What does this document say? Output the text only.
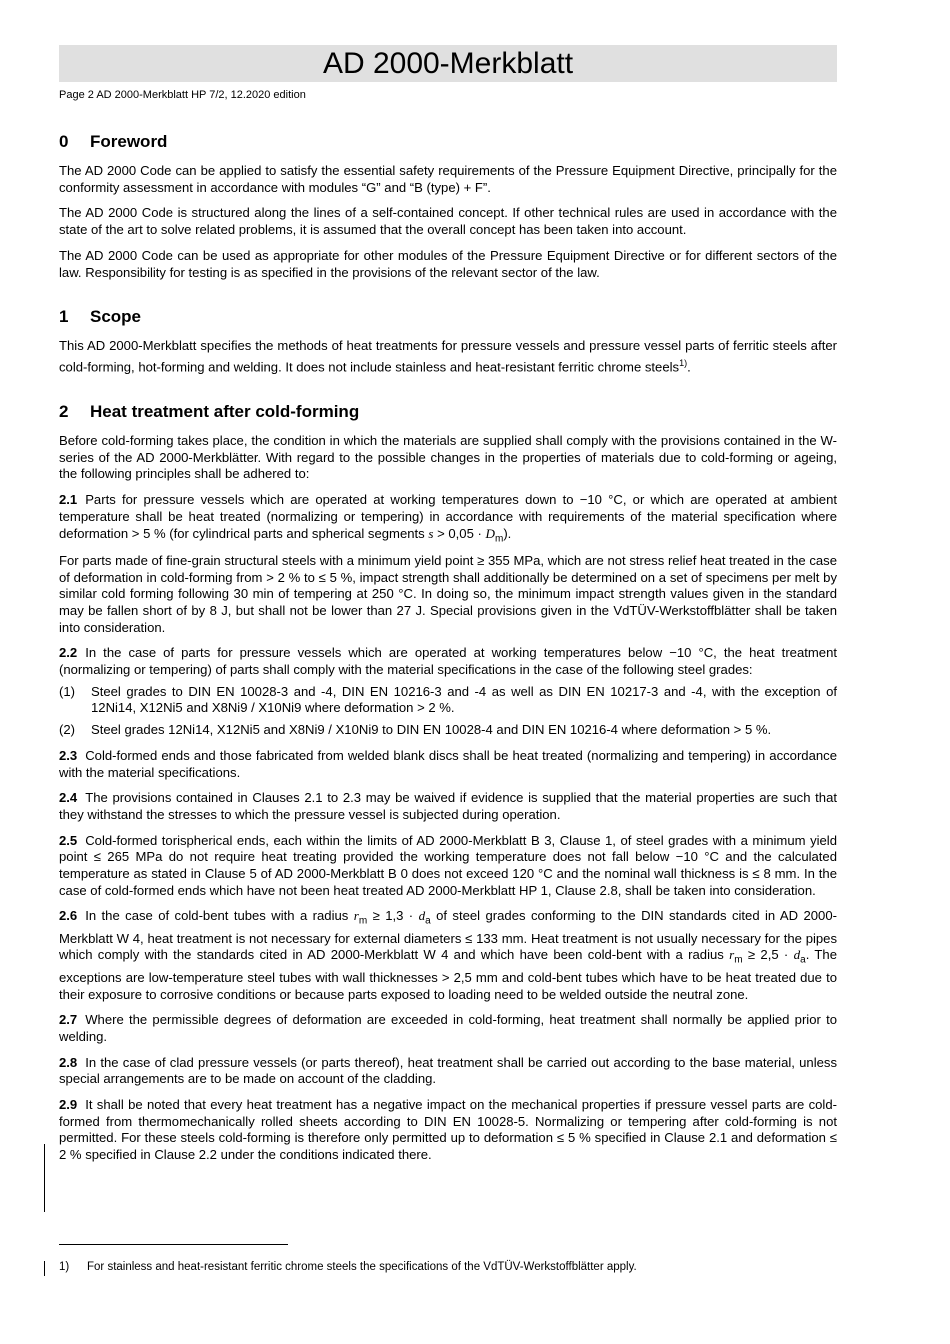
AD 2000-Merkblatt
Page 2 AD 2000-Merkblatt HP 7/2, 12.2020 edition
0 Foreword

The AD 2000 Code can be applied to satisfy the essential safety requirements of the Pressure Equipment Directive, principally for the conformity assessment in accordance with modules “G” and “B (type) + F”.

The AD 2000 Code is structured along the lines of a self-contained concept. If other technical rules are used in accordance with the state of the art to solve related problems, it is assumed that the overall concept has been taken into account.

The AD 2000 Code can be used as appropriate for other modules of the Pressure Equipment Directive or for different sectors of the law. Responsibility for testing is as specified in the provisions of the relevant sector of the law.

1 Scope

This AD 2000-Merkblatt specifies the methods of heat treatments for pressure vessels and pressure vessel parts of ferritic steels after cold-forming, hot-forming and welding. It does not include stainless and heat-resistant ferritic chrome steels$^{1)}$.

2 Heat treatment after cold-forming

Before cold-forming takes place, the condition in which the materials are supplied shall comply with the provisions contained in the W-series of the AD 2000-Merkblätter. With regard to the possible changes in the properties of materials due to cold-forming or ageing, the following principles shall be adhered to:

2.1 Parts for pressure vessels which are operated at working temperatures down to −10 °C, or which are operated at ambient temperature shall be heat treated (normalizing or tempering) in accordance with requirements of the material specification where deformation > 5 % (for cylindrical parts and spherical segments $s > 0,05 \cdot D_m$).

For parts made of fine-grain structural steels with a minimum yield point ≥ 355 MPa, which are not stress relief heat treated in the case of deformation in cold-forming from > 2 % to ≤ 5 %, impact strength shall additionally be determined on a set of specimens per melt by similar cold forming following 30 min of tempering at 250 °C. In doing so, the minimum impact strength values given in the standard may be fallen short of by 8 J, but shall not be lower than 27 J. Special provisions given in the VdTÜV-Werkstoffblätter shall be taken into consideration.

2.2 In the case of parts for pressure vessels which are operated at working temperatures below −10 °C, the heat treatment (normalizing or tempering) of parts shall comply with the material specifications in the case of the following steel grades:

(1)	Steel grades to DIN EN 10028-3 and -4, DIN EN 10216-3 and -4 as well as DIN EN 10217-3 and -4, with the exception of 12Ni14, X12Ni5 and X8Ni9 / X10Ni9 where deformation > 2 %.
(2)	Steel grades 12Ni14, X12Ni5 and X8Ni9 / X10Ni9 to DIN EN 10028-4 and DIN EN 10216-4 where deformation > 5 %.

2.3 Cold-formed ends and those fabricated from welded blank discs shall be heat treated (normalizing and tempering) in accordance with the material specifications.

2.4 The provisions contained in Clauses 2.1 to 2.3 may be waived if evidence is supplied that the material properties are such that they withstand the stresses to which the pressure vessel is subjected during operation.

2.5 Cold-formed torispherical ends, each within the limits of AD 2000-Merkblatt B 3, Clause 1, of steel grades with a minimum yield point ≤ 265 MPa do not require heat treating provided the working temperature does not fall below −10 °C and the calculated temperature as stated in Clause 5 of AD 2000-Merkblatt B 0 does not exceed 120 °C and the nominal wall thickness is ≤ 8 mm. In the case of cold-formed ends which have not been heat treated AD 2000-Merkblatt HP 1, Clause 2.8, shall be taken into consideration.

2.6 In the case of cold-bent tubes with a radius $r_m \ge 1,3 \cdot d_a$ of steel grades conforming to the DIN standards cited in AD 2000-Merkblatt W 4, heat treatment is not necessary for external diameters ≤ 133 mm. Heat treatment is not usually necessary for the pipes which comply with the standards cited in AD 2000-Merkblatt W 4 and which have been cold-bent with a radius $r_m \ge 2,5 \cdot d_a$. The exceptions are low-temperature steel tubes with wall thicknesses > 2,5 mm and cold-bent tubes which have to be heat treated due to their exposure to corrosive conditions or because parts exposed to loading need to be welded outside the neutral zone.

2.7 Where the permissible degrees of deformation are exceeded in cold-forming, heat treatment shall normally be applied prior to welding.

2.8 In the case of clad pressure vessels (or parts thereof), heat treatment shall be carried out according to the base material, unless special arrangements are to be made on account of the cladding.

2.9 It shall be noted that every heat treatment has a negative impact on the mechanical properties if pressure vessel parts are cold-formed from thermomechanically rolled sheets according to DIN EN 10028-5. Normalizing or tempering after cold-forming is not permitted. For these steels cold-forming is therefore only permitted up to deformation ≤ 5 % specified in Clause 2.1 and deformation ≤ 2 % specified in Clause 2.2 under the conditions indicated there.

1)	For stainless and heat-resistant ferritic chrome steels the specifications of the VdTÜV-Werkstoffblätter apply.
